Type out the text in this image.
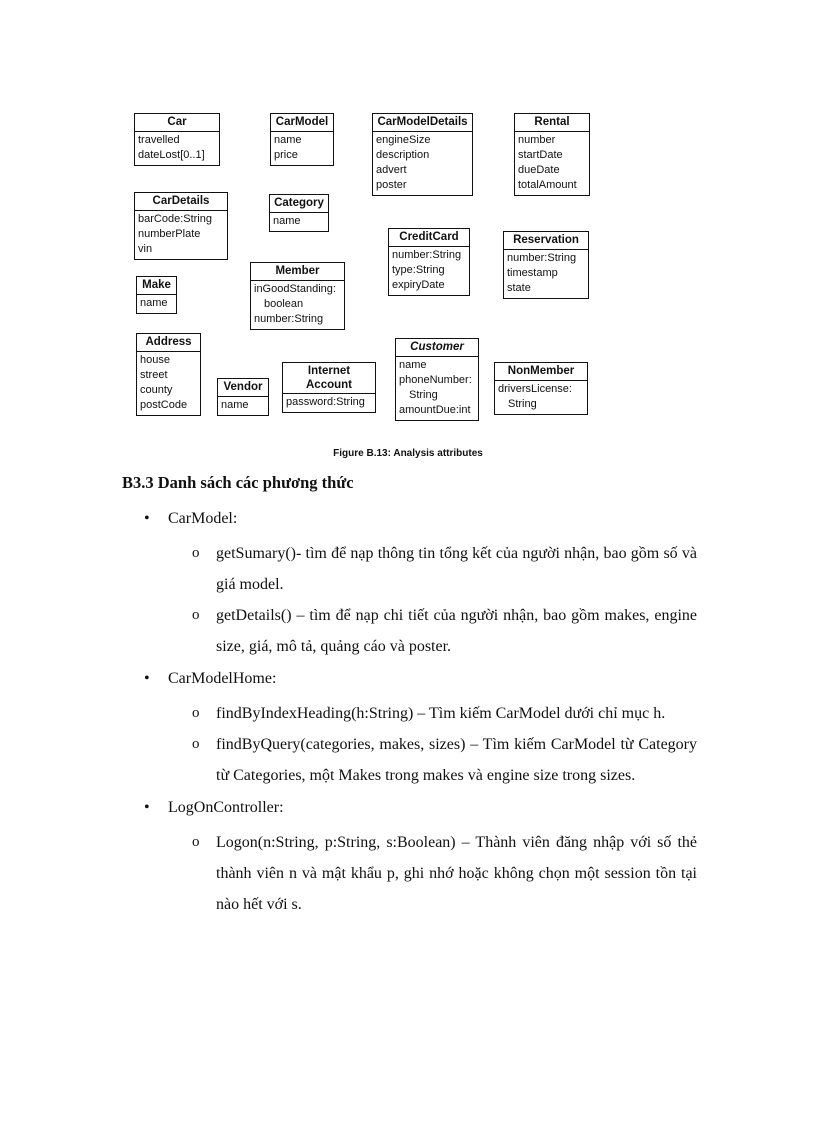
Car
travelled
dateLost[0..1]
CarModel
name
price
CarModelDetails
engineSize
description
advert
poster
Rental
number
startDate
dueDate
totalAmount
CarDetails
barCode:String
numberPlate
vin
Category
name
CreditCard
number:String
type:String
expiryDate
Reservation
number:String
timestamp
state
Make
name
Member
inGoodStanding:
boolean
number:String
Address
house
street
county
postCode
Vendor
name
Internet
Account
password:String
Customer
name
phoneNumber:
String
amountDue:int
NonMember
driversLicense:
String
Figure B.13: Analysis attributes
B3.3 Danh sách các phương thức
• CarModel:
o getSumary()- tìm để nạp thông tin tổng kết của người nhận, bao gồm số và giá model.
o getDetails() – tìm để nạp chi tiết của người nhận, bao gồm makes, engine size, giá, mô tả, quảng cáo và poster.
• CarModelHome:
o findByIndexHeading(h:String) – Tìm kiếm CarModel dưới chỉ mục h.
o findByQuery(categories, makes, sizes) – Tìm kiếm CarModel từ Category từ Categories, một Makes trong makes và engine size trong sizes.
• LogOnController:
o Logon(n:String, p:String, s:Boolean) – Thành viên đăng nhập với số thẻ thành viên n và mật khẩu p, ghi nhớ hoặc không chọn một session tồn tại nào hết với s.
